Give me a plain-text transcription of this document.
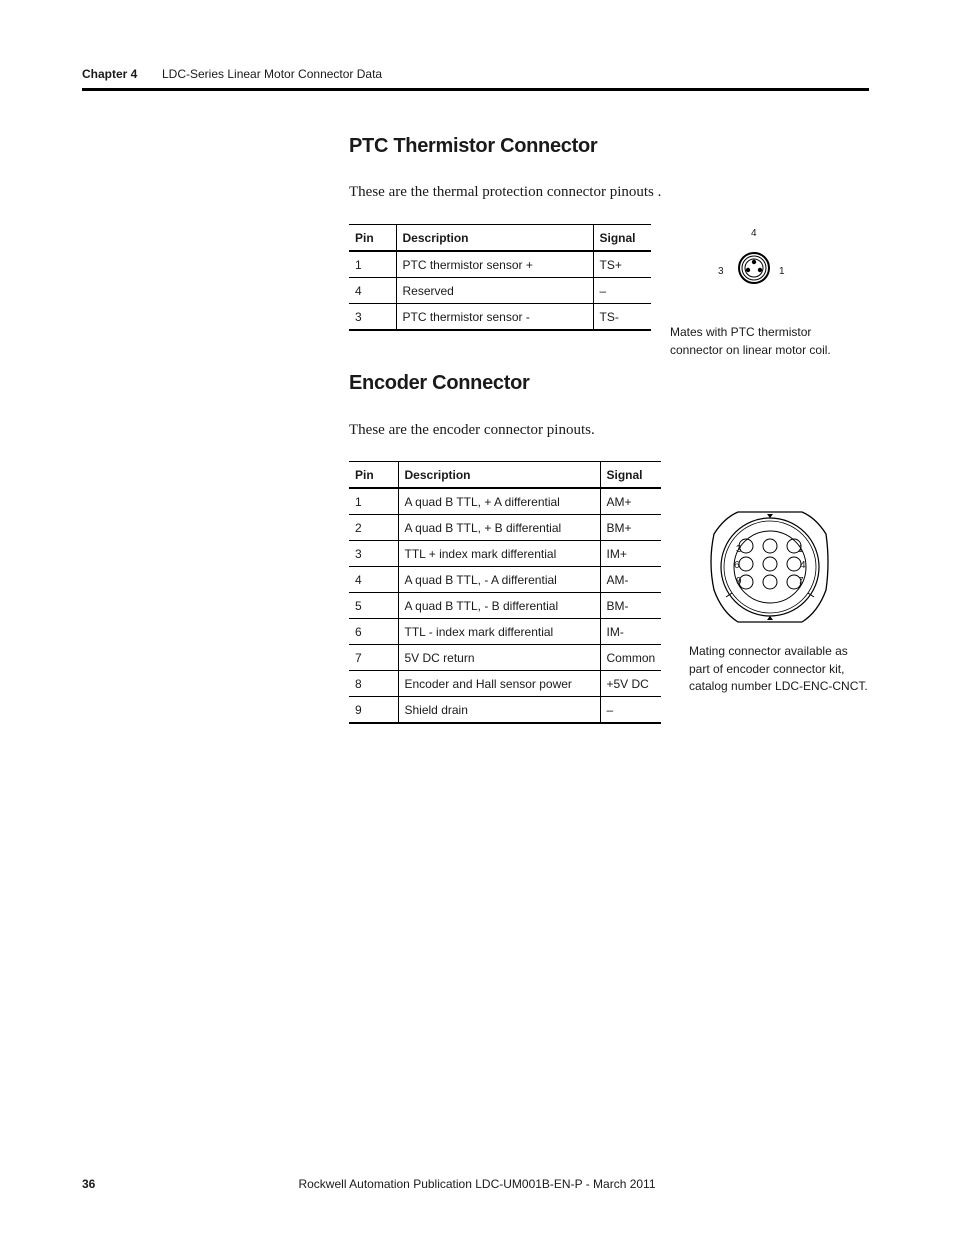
Chapter 4 LDC-Series Linear Motor Connector Data
PTC Thermistor Connector
These are the thermal protection connector pinouts .
Pin	Description	Signal
1	PTC thermistor sensor +	TS+
4	Reserved	–
3	PTC thermistor sensor -	TS-
4
3	1
Mates with PTC thermistor
connector on linear motor coil.
Encoder Connector
These are the encoder connector pinouts.
Pin	Description	Signal
1	A quad B TTL, + A differential	AM+
2	A quad B TTL, + B differential	BM+
3	TTL + index mark differential	IM+
4	A quad B TTL, - A differential	AM-
5	A quad B TTL, - B differential	BM-
6	TTL - index mark differential	IM-
7	5V DC return	Common
8	Encoder and Hall sensor power	+5V DC
9	Shield drain	–
3
6
9
1
4
7
Mating connector available as
part of encoder connector kit,
catalog number LDC-ENC-CNCT.
36	Rockwell Automation Publication LDC-UM001B-EN-P - March 2011
